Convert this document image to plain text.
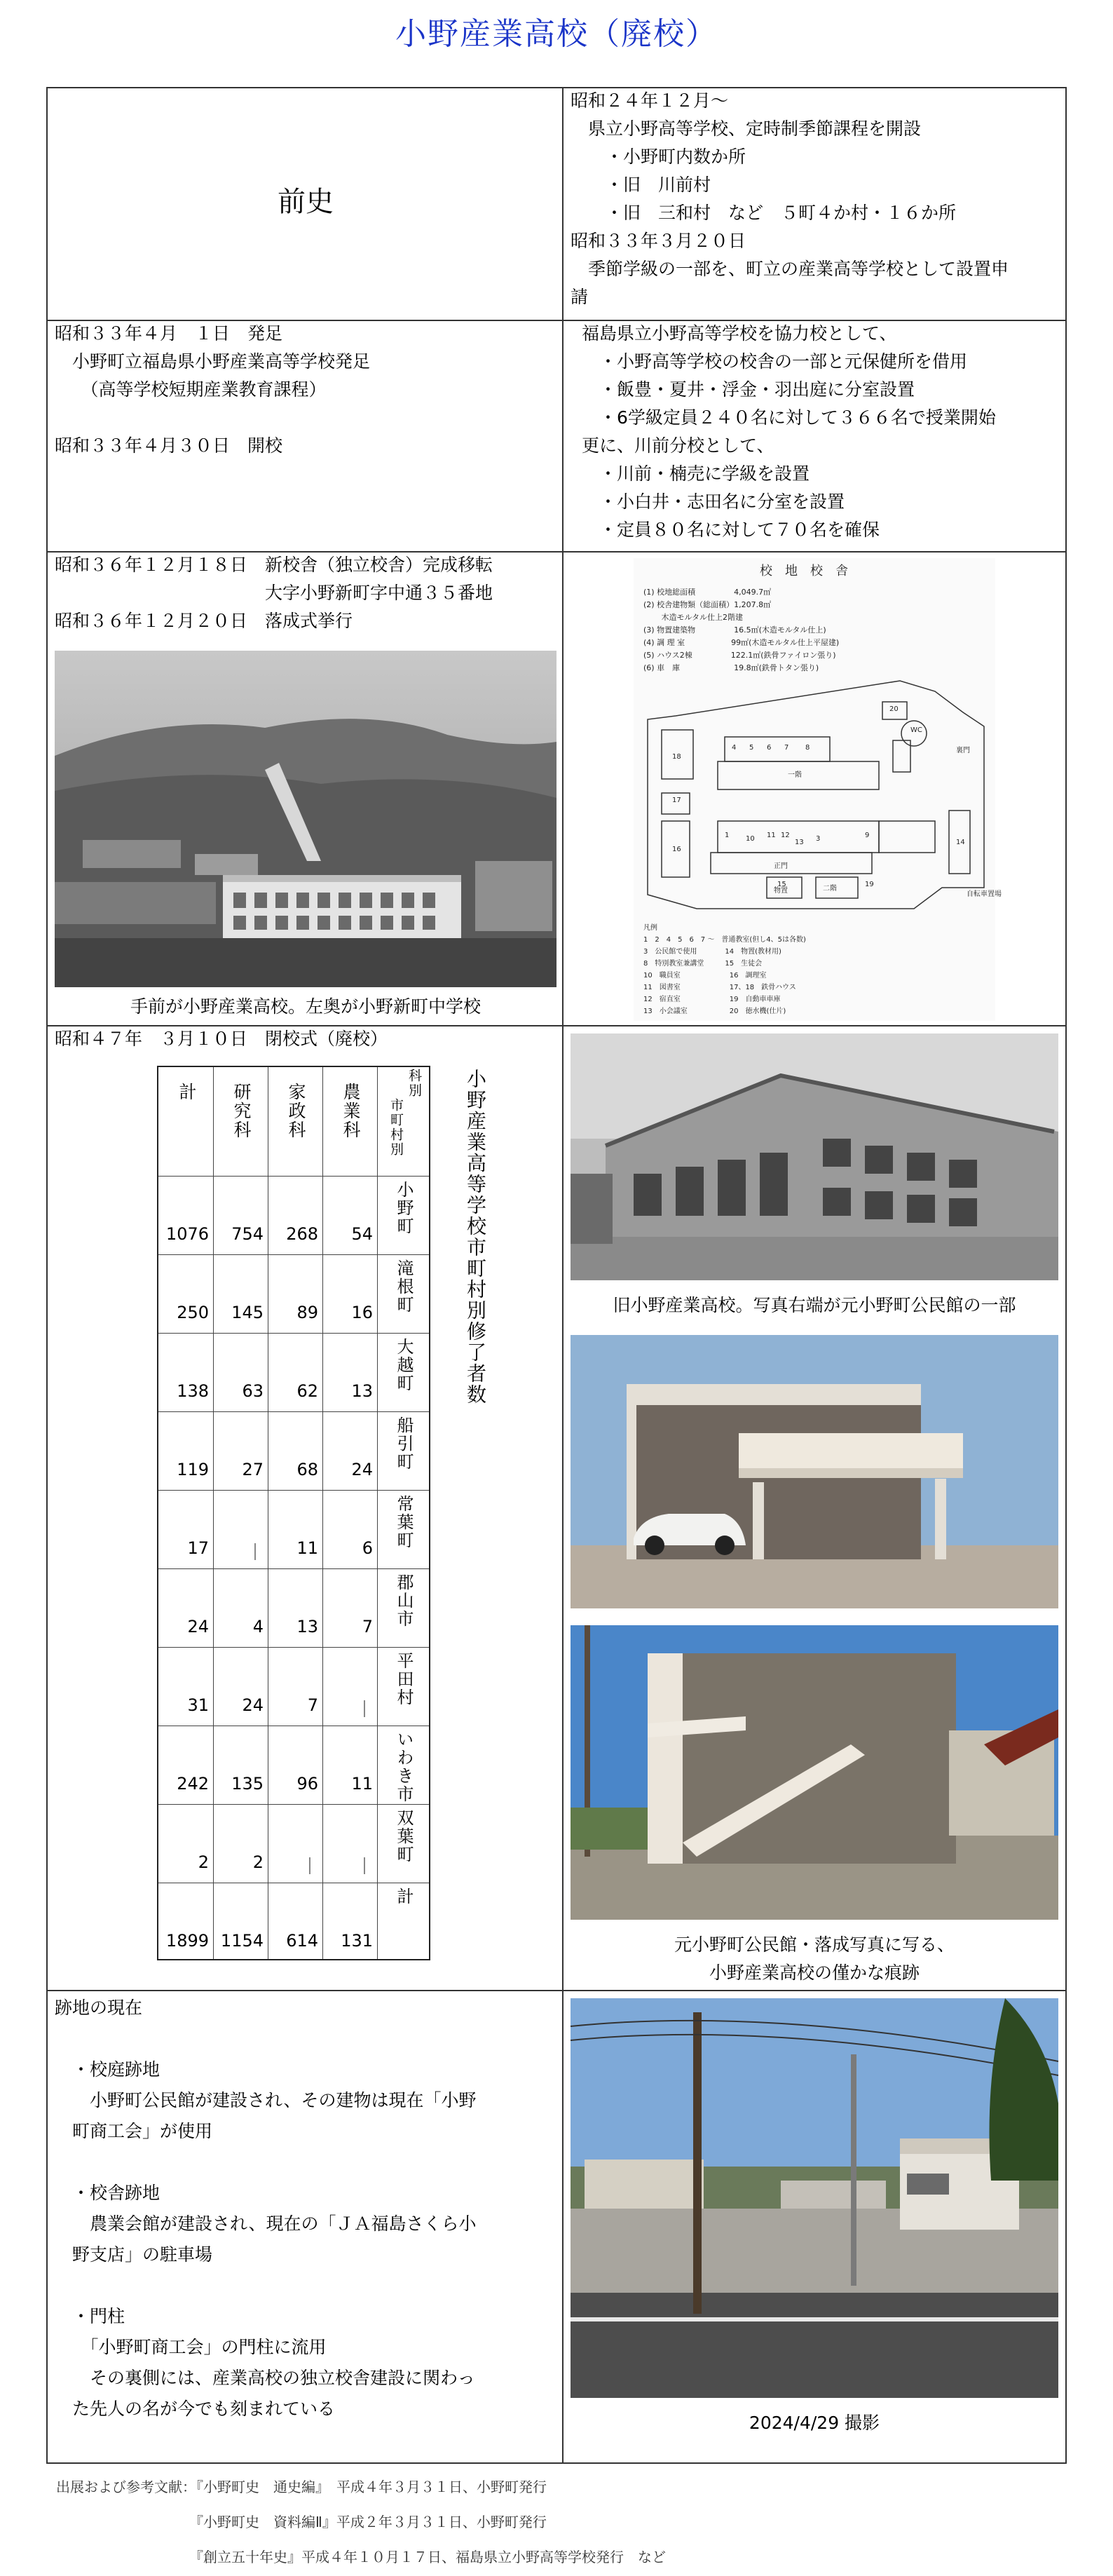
小野産業高校（廃校）
前史
昭和２４年１２月～
　県立小野高等学校、定時制季節課程を開設
　　・小野町内数か所
　　・旧　川前村
　　・旧　三和村　など　５町４か村・１６か所
昭和３３年３月２０日
　季節学級の一部を、町立の産業高等学校として設置申
請
昭和３３年４月　１日　発足
　小野町立福島県小野産業高等学校発足
　　（高等学校短期産業教育課程）
昭和３３年４月３０日　開校
福島県立小野高等学校を協力校として、
　・小野高等学校の校舎の一部と元保健所を借用
　・飯豊・夏井・浮金・羽出庭に分室設置
　・6学級定員２４０名に対して３６６名で授業開始
更に、川前分校として、
　・川前・楠売に学級を設置
　・小白井・志田名に分室を設置
　・定員８０名に対して７０名を確保
昭和３６年１２月１８日　新校舎（独立校舎）完成移転
　　　　　　　　　　　　大字小野新町字中通３５番地
昭和３６年１２月２０日　落成式挙行
手前が小野産業高校。左奥が小野新町中学校
校　地　校　舎
(1) 校地総面積　　　　　4,049.7㎡
(2) 校舎建物類（総面積）1,207.8㎡
　　 木造モルタル仕上2階建
(3) 物置建築物　　　　　16.5㎡(木造モルタル仕上)
(4) 調 理 室　　　　　　99㎡(木造モルタル仕上平屋建)
(5) ハウス2棟　　　　　122.1㎡(鉄骨ファイロン張り)
(6) 車　庫　　　　　　　19.8㎡(鉄骨トタン張り)
凡例
1　2　4　5　6　7 ～　普通教室(但し4、5は各数)
3　公民館で使用　　　　14　物置(教材用)
8　特別教室兼講堂　　　15　生徒会
10　職員室　　　　　　　16　調理室
11　図書室　　　　　　　17、18　鉄骨ハウス
12　宿直室　　　　　　　19　自動車車庫
13　小会議室　　　　　　20　徳水機(仕片)
18
17
16
4 5 6 7 8
1 10 11 12
13 3	9
14
15	19
20
WC
物置	二階
一階
正門
裏門
自転車置場
昭和４７年　３月１０日　閉校式（廃校）
計 研究科 家政科 農業科	科別
市町村別
小野町
1076	754	268	54
滝根町
250	145	89	16
大越町
138	63	62	13
船引町
119	27	68	24
常葉町
17	｜	11	6
郡山市
24	4	13	7
平田村
31	24	7	｜
いわき市
242	135	96	11
双葉町
2	2	｜	｜
計
1899 1154	614	131
小野産業高等学校市町村別修了者数	旧小野産業高校。写真右端が元小野町公民館の一部
元小野町公民館・落成写真に写る、
小野産業高校の僅かな痕跡
跡地の現在
　・校庭跡地
　　小野町公民館が建設され、その建物は現在「小野
　町商工会」が使用
　・校舎跡地
　　農業会館が建設され、現在の「ＪＡ福島さくら小
　野支店」の駐車場
　・門柱
　　「小野町商工会」の門柱に流用
　　その裏側には、産業高校の独立校舎建設に関わっ
　た先人の名が今でも刻まれている
2024/4/29 撮影
出展および参考文献：『小野町史　通史編』　平成４年３月３１日、小野町発行
　　　　　　　　　　『小野町史　資料編Ⅱ』平成２年３月３１日、小野町発行
　　　　　　　　　　『創立五十年史』平成４年１０月１７日、福島県立小野高等学校発行　など
